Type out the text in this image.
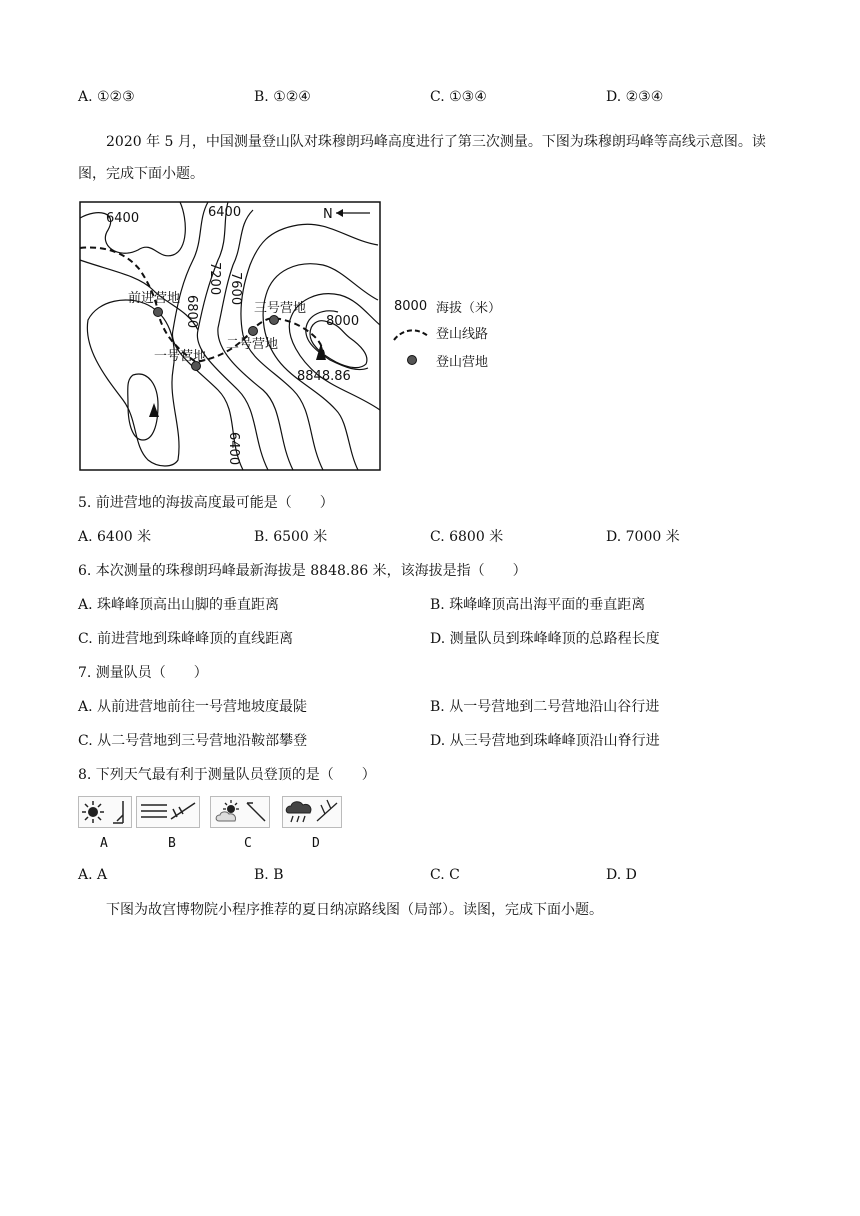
A. ①②③	B. ①②④	C. ①③④	D. ②③④
2020 年 5 月，中国测量登山队对珠穆朗玛峰高度进行了第三次测量。下图为珠穆朗玛峰等高线示意图。读图，完成下面小题。
6400	6400
6800
7200 7600
8000
6400
8848.86
前进营地
一号营地
二号营地
三号营地
N
8000 海拔（米）
登山线路
登山营地
5. 前进营地的海拔高度最可能是（　　）
A. 6400 米	B. 6500 米	C. 6800 米	D. 7000 米
6. 本次测量的珠穆朗玛峰最新海拔是 8848.86 米，该海拔是指（　　）
A. 珠峰峰顶高出山脚的垂直距离	B. 珠峰峰顶高出海平面的垂直距离
C. 前进营地到珠峰峰顶的直线距离	D. 测量队员到珠峰峰顶的总路程长度
7. 测量队员（　　）
A. 从前进营地前往一号营地坡度最陡	B. 从一号营地到二号营地沿山谷行进
C. 从二号营地到三号营地沿鞍部攀登	D. 从三号营地到珠峰峰顶沿山脊行进
8. 下列天气最有利于测量队员登顶的是（　　）
A	B	C	D
A. A	B. B	C. C	D. D
下图为故宫博物院小程序推荐的夏日纳凉路线图（局部）。读图，完成下面小题。
